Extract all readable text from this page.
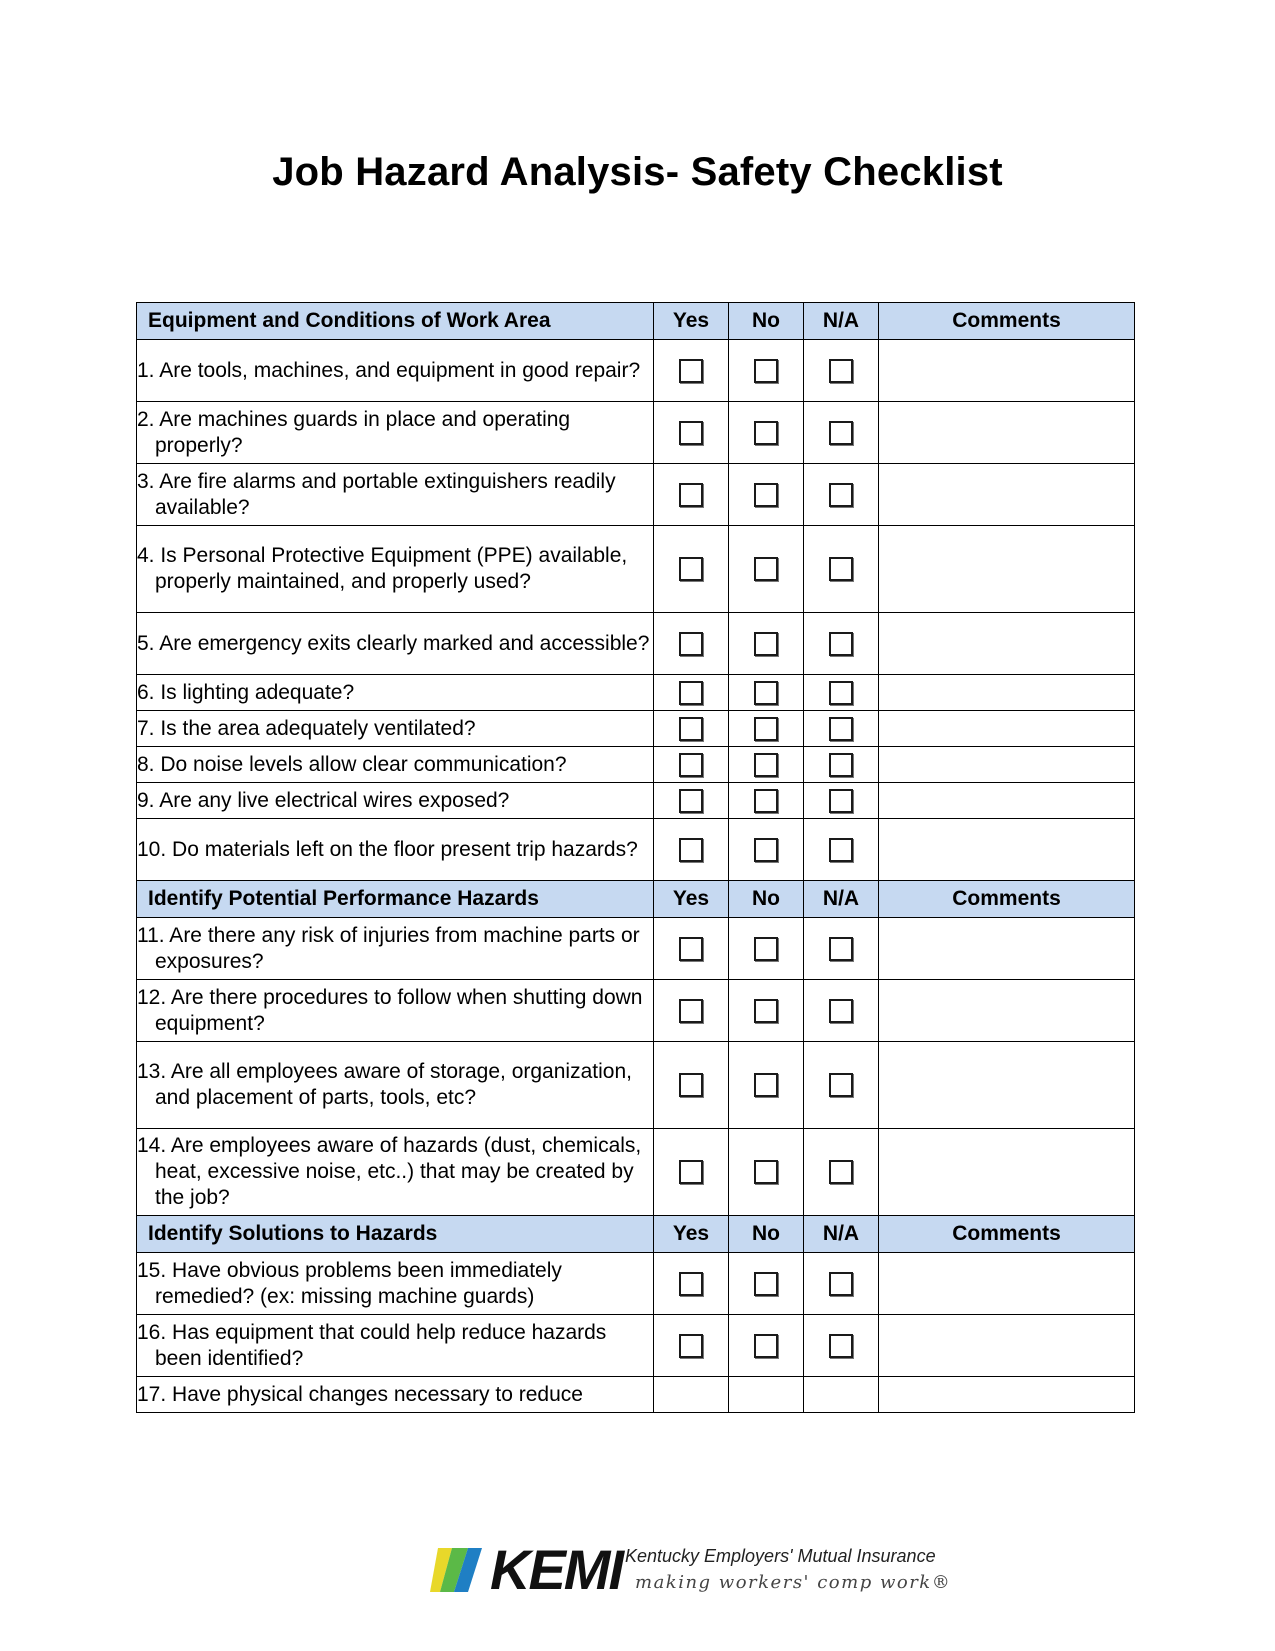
Job Hazard Analysis- Safety Checklist
Equipment and Conditions of Work Area	Yes	No	N/A	Comments

1. Are tools, machines, and equipment in good repair?				

2. Are machines guards in place and operating properly?				

3. Are fire alarms and portable extinguishers readily available?				

4. Is Personal Protective Equipment (PPE) available, properly maintained, and properly used?				

5. Are emergency exits clearly marked and accessible?				

6. Is lighting adequate?				

7. Is the area adequately ventilated?				

8. Do noise levels allow clear communication?				

9. Are any live electrical wires exposed?				

10. Do materials left on the floor present trip hazards?				

Identify Potential Performance Hazards	Yes	No	N/A	Comments

11. Are there any risk of injuries from machine parts or exposures?				

12. Are there procedures to follow when shutting down equipment?				

13. Are all employees aware of storage, organization, and placement of parts, tools, etc?				

14. Are employees aware of hazards (dust, chemicals, heat, excessive noise, etc..) that may be created by the job?				

Identify Solutions to Hazards	Yes	No	N/A	Comments

15. Have obvious problems been immediately remedied? (ex: missing machine guards)				

16. Has equipment that could help reduce hazards been identified?				

17. Have physical changes necessary to reduce				

KEMI Kentucky Employers' Mutual Insurance
making workers' comp work®
